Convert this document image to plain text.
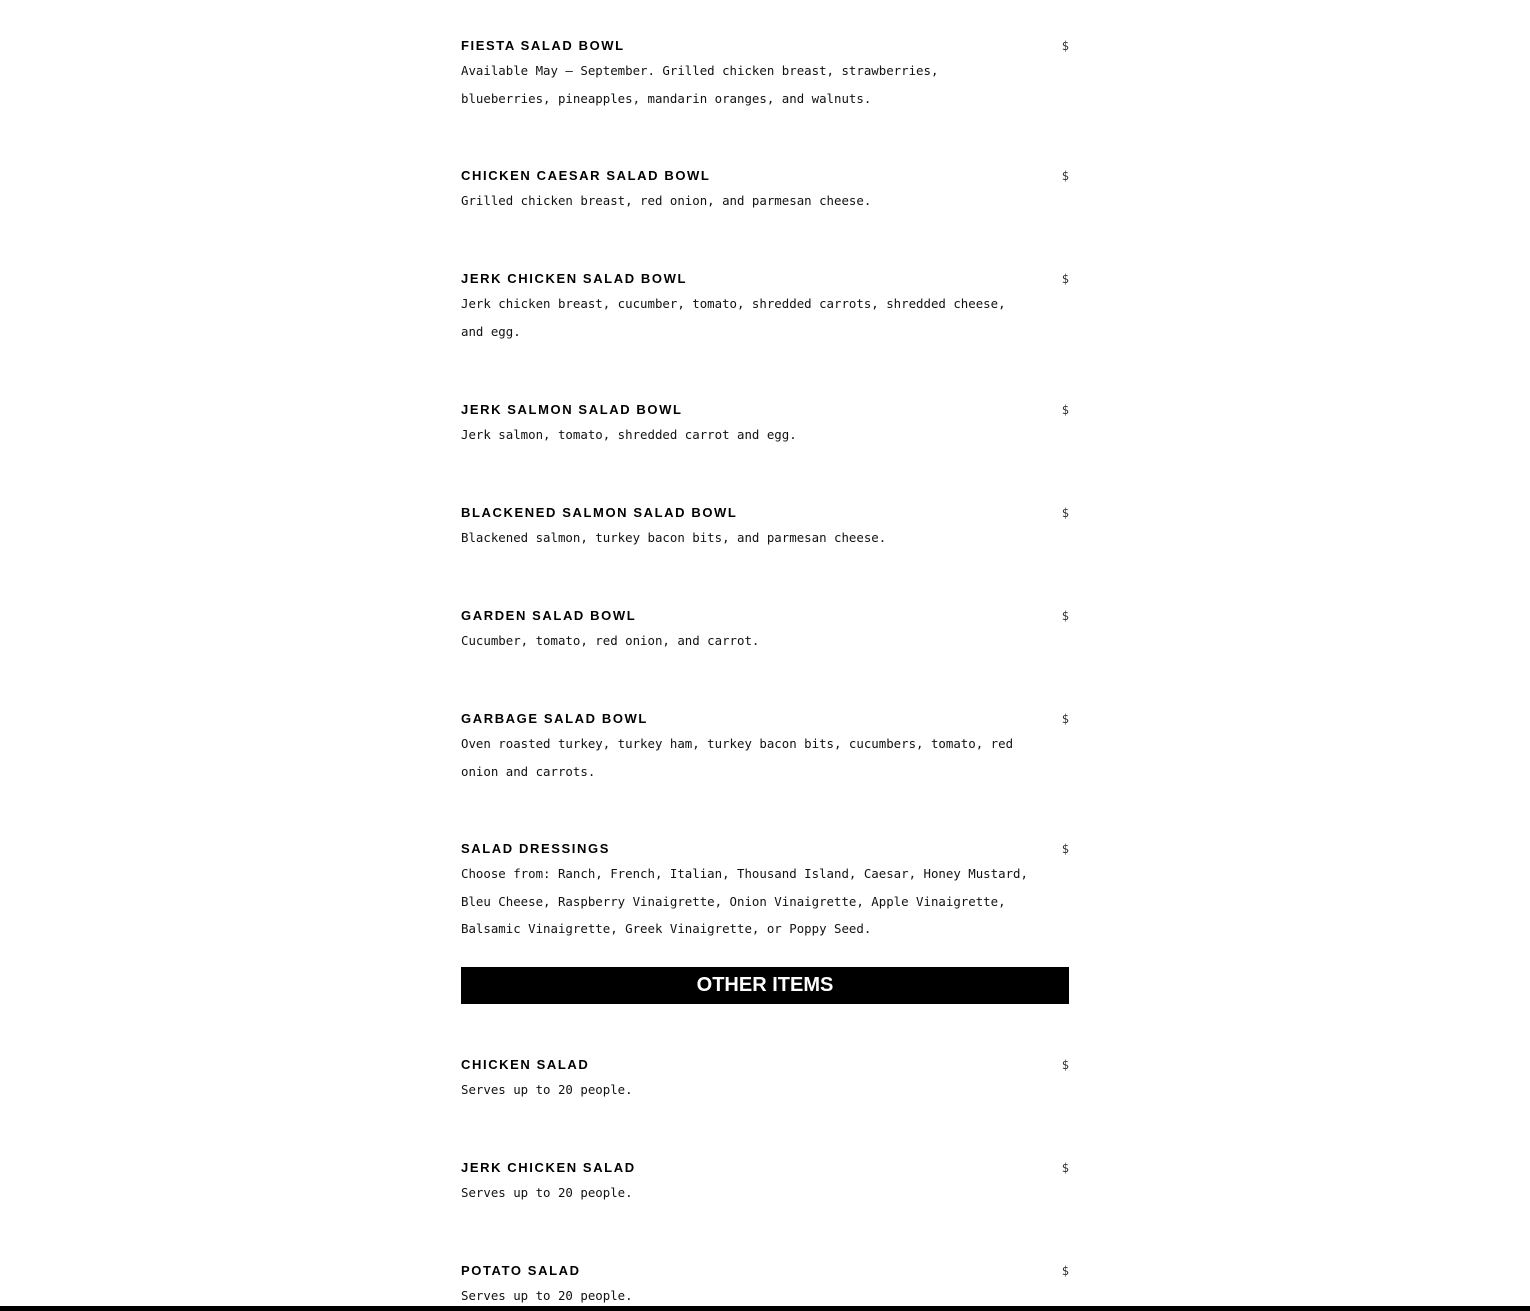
FIESTA SALAD BOWL	$

Available May – September. Grilled chicken breast, strawberries, blueberries, pineapples, mandarin oranges, and walnuts.

CHICKEN CAESAR SALAD BOWL	$

Grilled chicken breast, red onion, and parmesan cheese.

JERK CHICKEN SALAD BOWL	$

Jerk chicken breast, cucumber, tomato, shredded carrots, shredded cheese, and egg.

JERK SALMON SALAD BOWL	$

Jerk salmon, tomato, shredded carrot and egg.

BLACKENED SALMON SALAD BOWL	$

Blackened salmon, turkey bacon bits, and parmesan cheese.

GARDEN SALAD BOWL	$

Cucumber, tomato, red onion, and carrot.

GARBAGE SALAD BOWL	$

Oven roasted turkey, turkey ham, turkey bacon bits, cucumbers, tomato, red onion and carrots.

SALAD DRESSINGS	$

Choose from: Ranch, French, Italian, Thousand Island, Caesar, Honey Mustard, Bleu Cheese, Raspberry Vinaigrette, Onion Vinaigrette, Apple Vinaigrette, Balsamic Vinaigrette, Greek Vinaigrette, or Poppy Seed.

OTHER ITEMS
CHICKEN SALAD	$

Serves up to 20 people.

JERK CHICKEN SALAD	$

Serves up to 20 people.

POTATO SALAD	$

Serves up to 20 people.
